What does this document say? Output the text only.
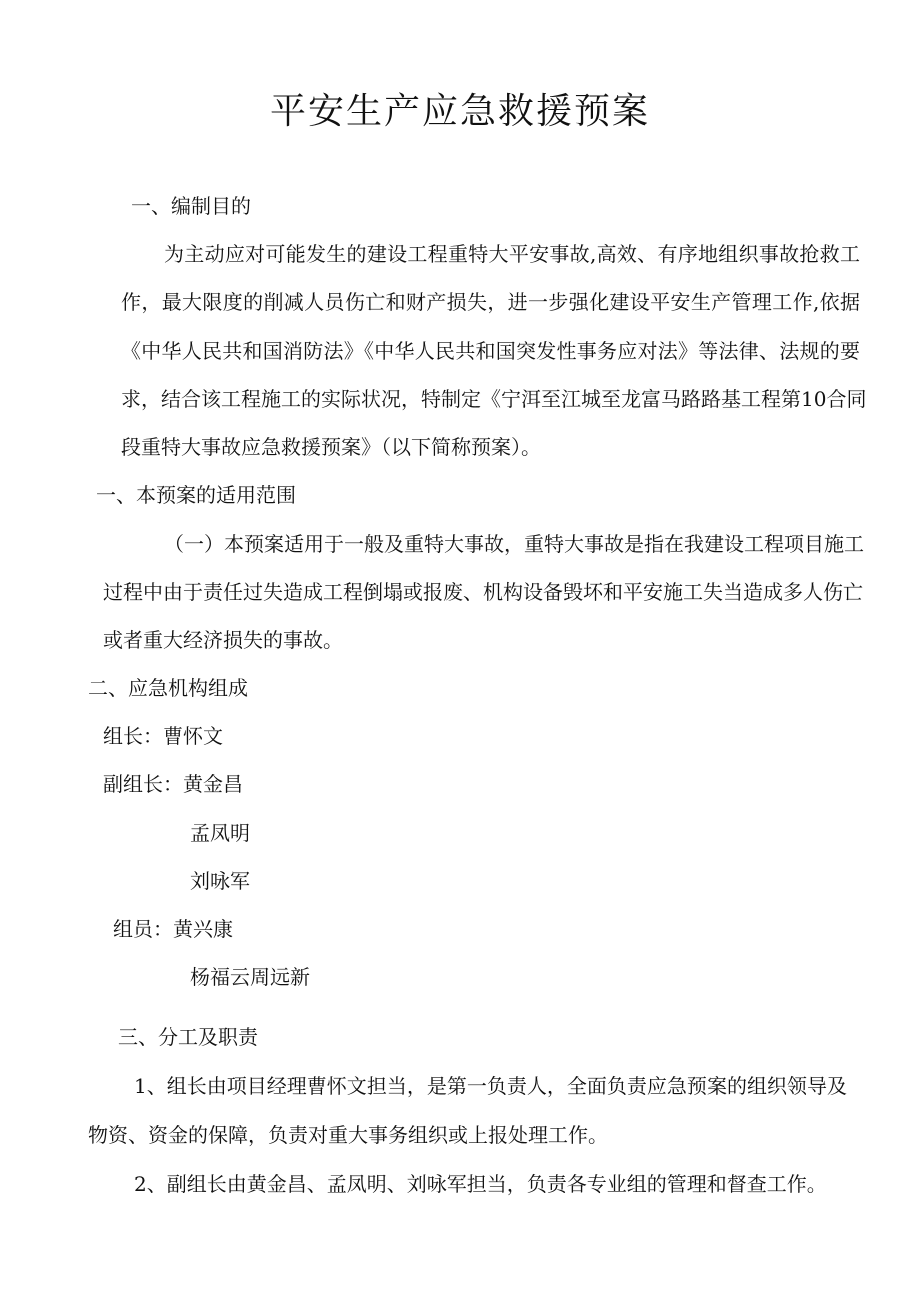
平安生产应急救援预案
一、编制目的
为主动应对可能发生的建设工程重特大平安事故,高效、有序地组织事故抢救工
作，最大限度的削减人员伤亡和财产损失，进一步强化建设平安生产管理工作,依据
《中华人民共和国消防法》《中华人民共和国突发性事务应对法》等法律、法规的要
求，结合该工程施工的实际状况，特制定《宁洱至江城至龙富马路路基工程第10合同
段重特大事故应急救援预案》（以下简称预案）。
一、本预案的适用范围
（一）本预案适用于一般及重特大事故，重特大事故是指在我建设工程项目施工
过程中由于责任过失造成工程倒塌或报废、机构设备毁坏和平安施工失当造成多人伤亡
或者重大经济损失的事故。
二、应急机构组成
组长：曹怀文
副组长：黄金昌
孟凤明
刘咏军
组员：黄兴康
杨福云周远新
三、分工及职责
1、组长由项目经理曹怀文担当，是第一负责人，全面负责应急预案的组织领导及
物资、资金的保障，负责对重大事务组织或上报处理工作。
2、副组长由黄金昌、孟凤明、刘咏军担当，负责各专业组的管理和督查工作。
